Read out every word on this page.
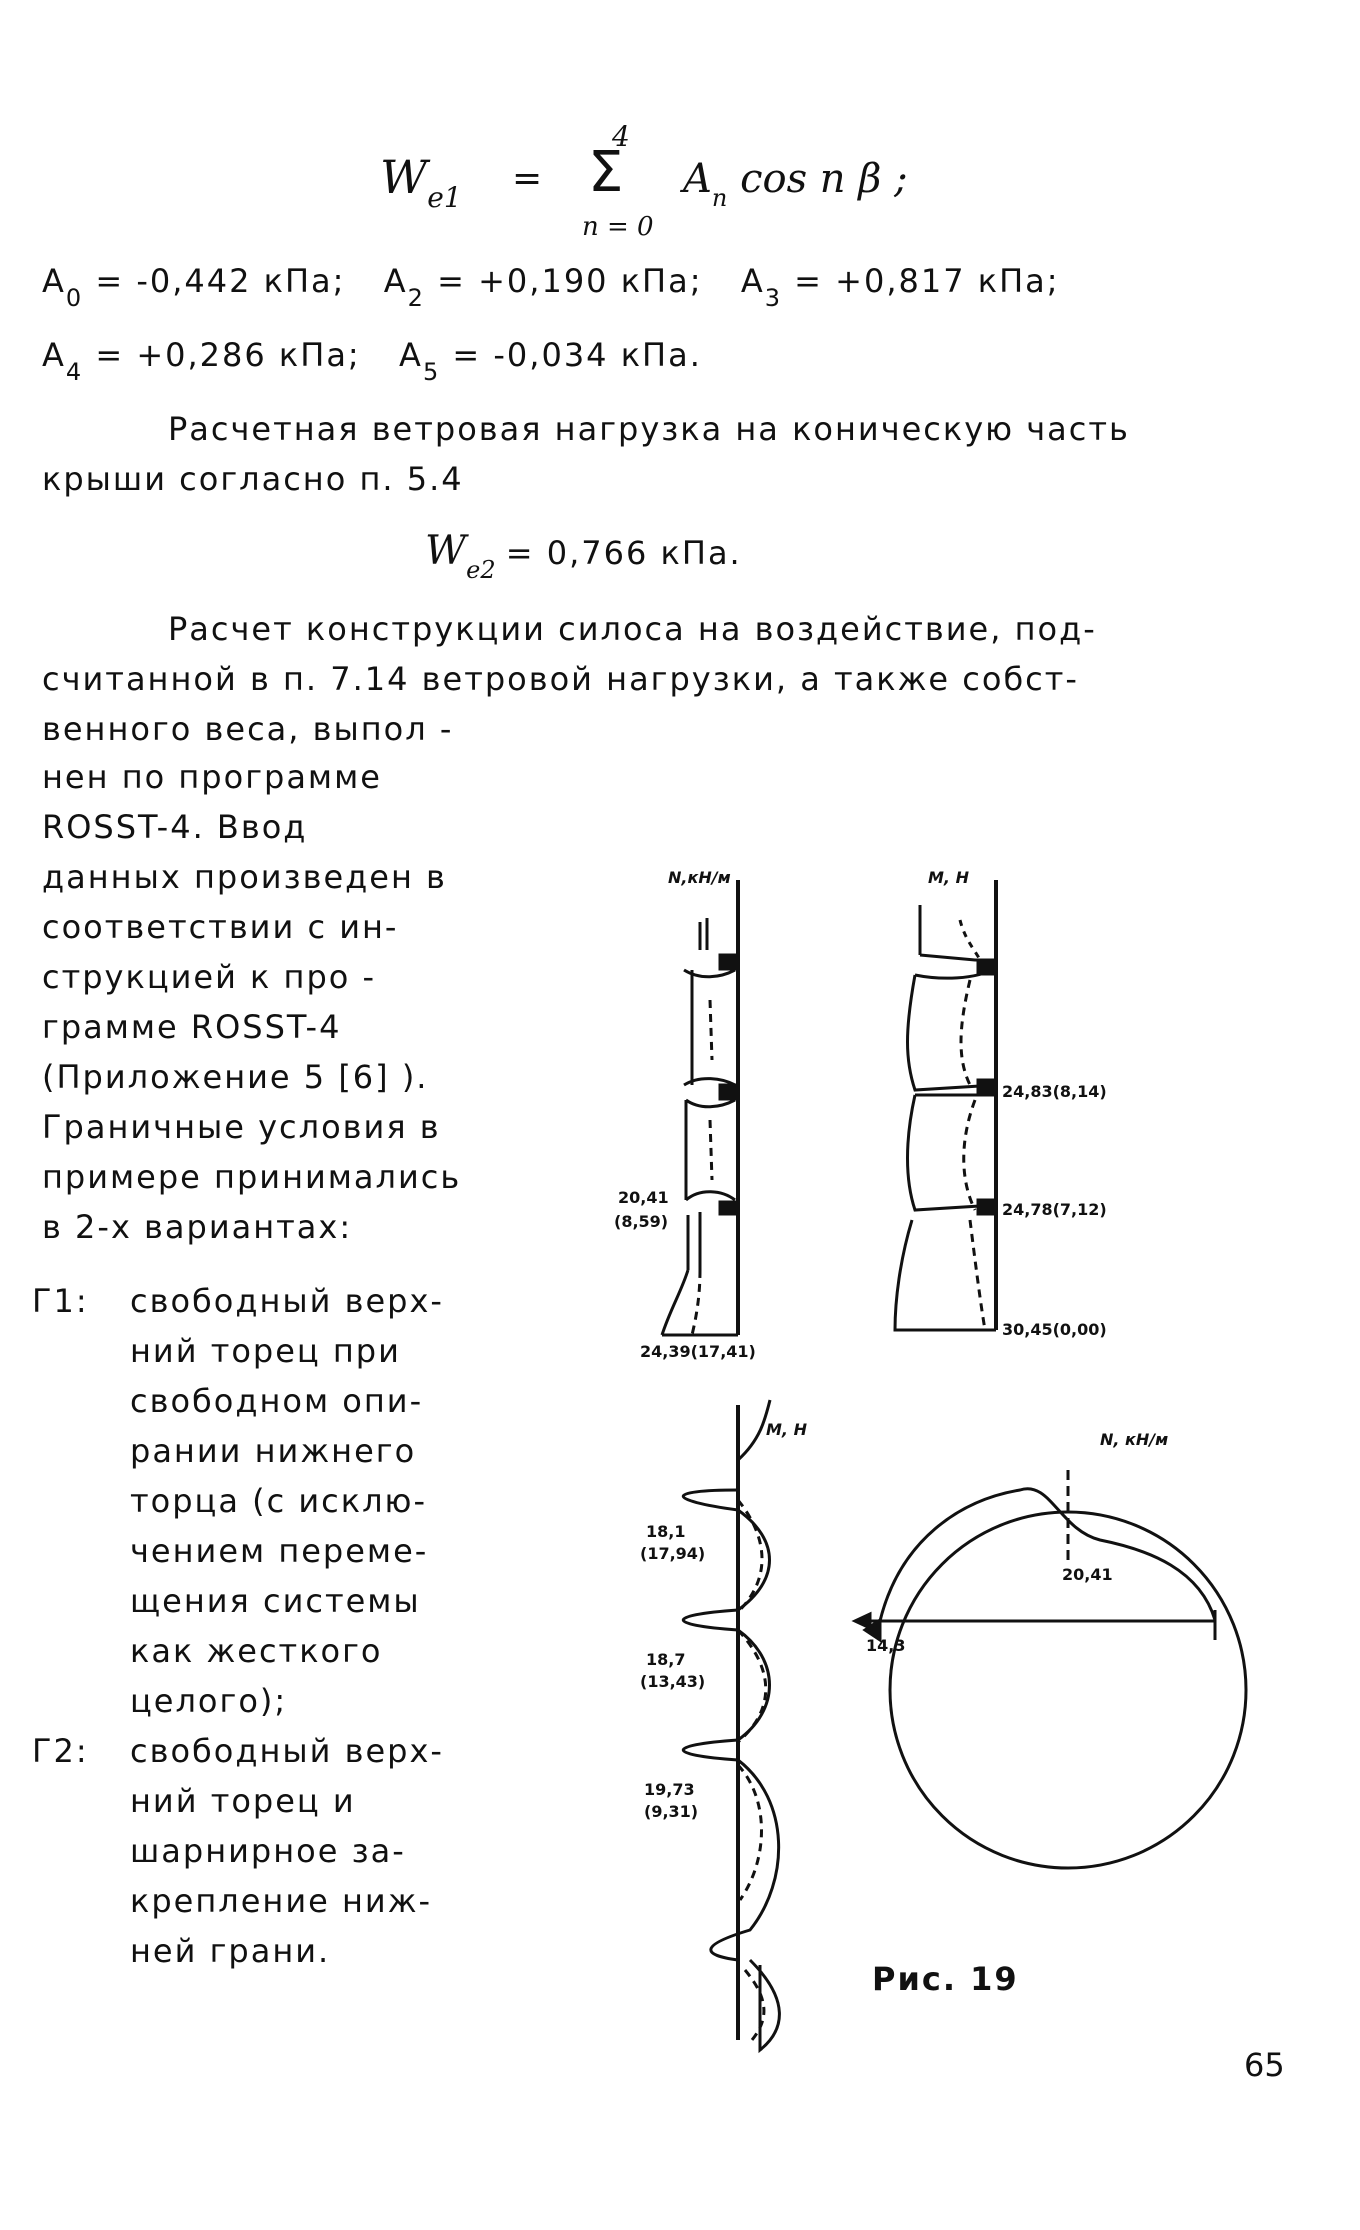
$W_{e1}$ =
4
Σ
n = 0
$A_n$ cos n β ;
$A_0 = -0,442$ кПа; $A_2 = +0,190$ кПа; $A_3 = +0,817$ кПа;
$A_4 = +0,286$ кПа; $A_5 = -0,034$ кПа.
Расчетная ветровая нагрузка на коническую часть
крыши согласно п. 5.4
$W_{e2} = 0,766$ кПа.
Расчет конструкции силоса на воздействие, под-
считанной в п. 7.14 ветровой нагрузки, а также собст-
венного веса, выпол -
нен по программе
ROSST-4. Ввод
данных произведен в
соответствии с ин-
струкцией к про -
грамме ROSST-4
(Приложение 5 [6] ).
Граничные условия в
примере принимались
в 2-х вариантах:
Г1: свободный верх-
ний торец при
свободном опи-
рании нижнего
торца (с исклю-
чением переме-
щения системы
как жесткого
целого);
Г2: свободный верх-
ний торец и
шарнирное за-
крепление ниж-
ней грани.
N,кН/м
20,41
(8,59)
24,39(17,41)
M, Н
24,83(8,14)
24,78(7,12)
30,45(0,00)
M, Н
18,1
(17,94)
18,7
(13,43)
19,73
(9,31)
N, кН/м
20,41
14,3
Рис. 19
65
